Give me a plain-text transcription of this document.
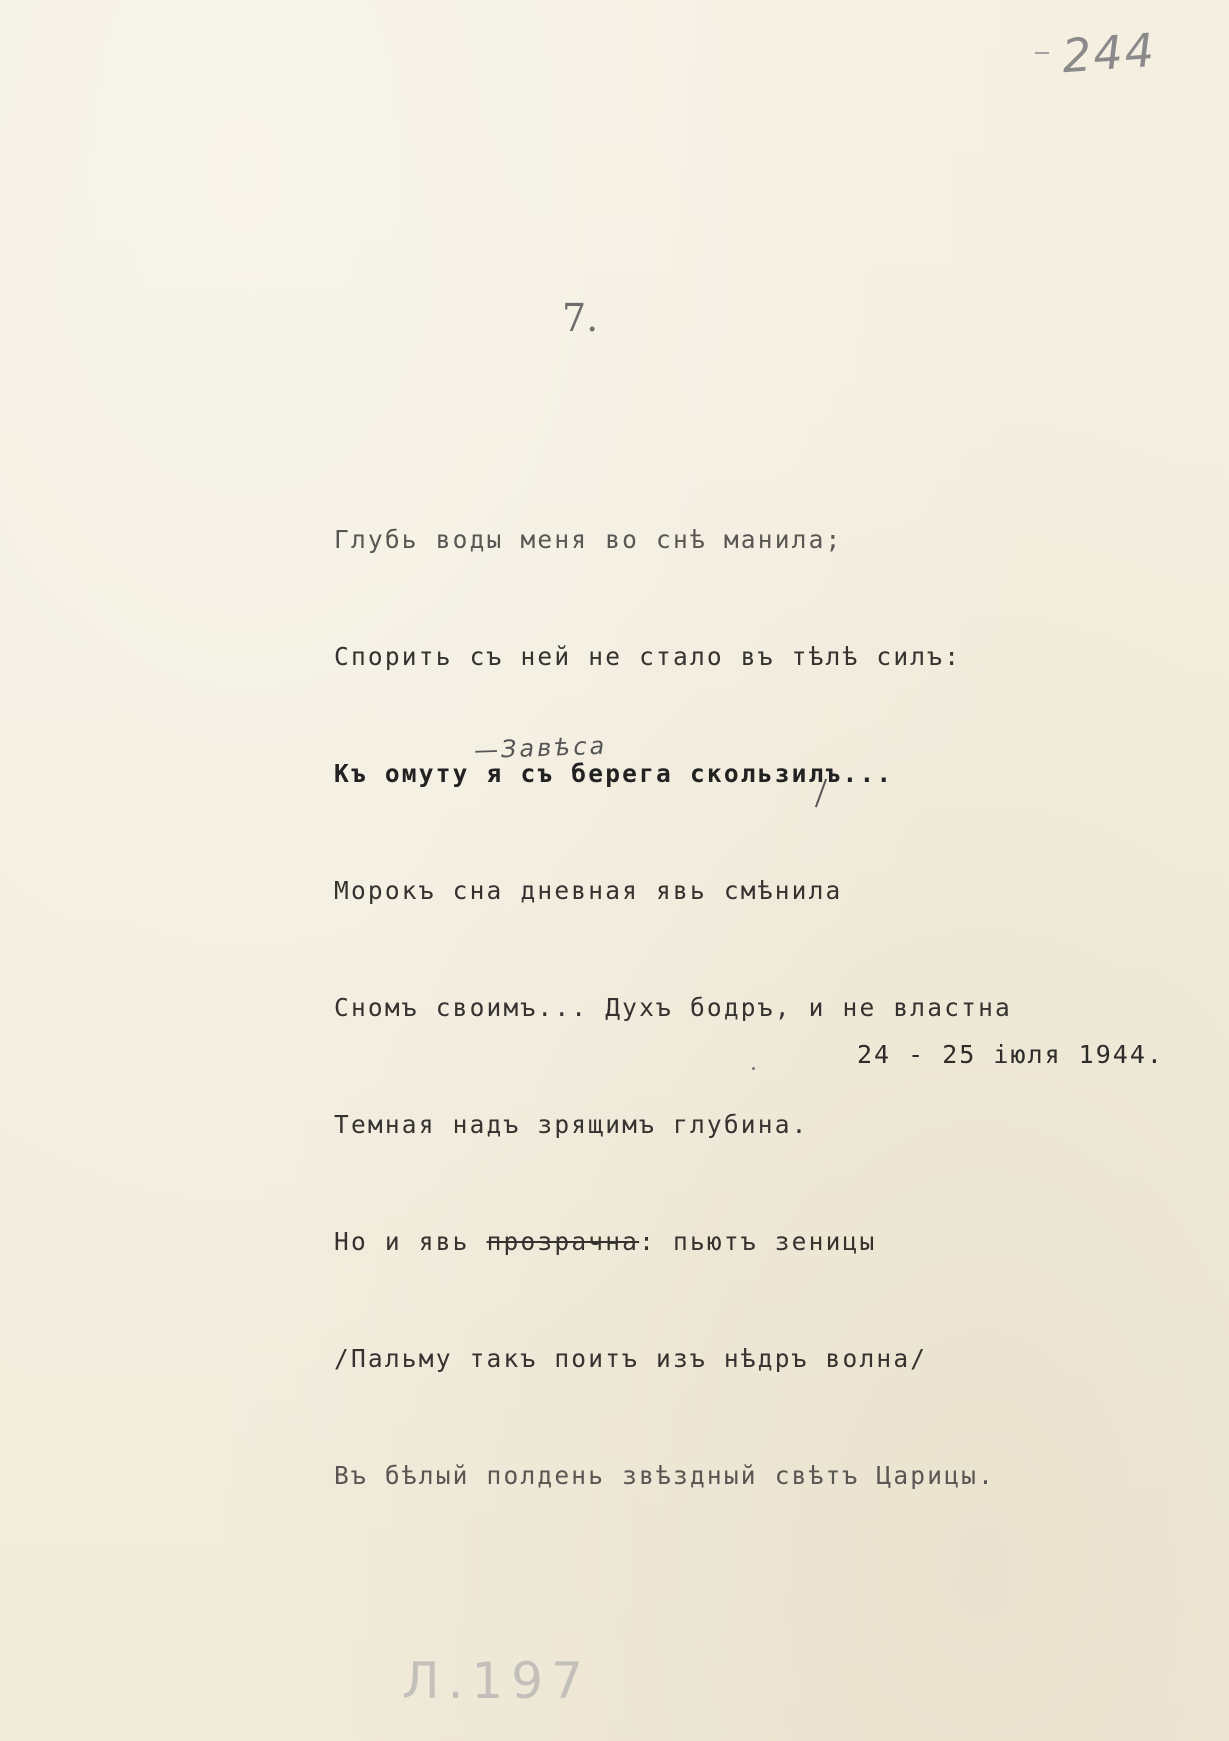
244
7.

Глубь воды меня во снѣ манила;

Спорить съ ней не стало въ тѣлѣ силъ:

Къ омуту я съ берега скользилъ...

Морокъ сна дневная явь смѣнила

Сномъ своимъ... Духъ бодръ, и не властна

Темная надъ зрящимъ глубина.

Но и явь прозрачна: пьютъ зеницы

/Пальму такъ поитъ изъ нѣдръ волна/

Въ бѣлый полдень звѣздный свѣтъ Царицы.

—Завѣса
24 - 25 іюля 1944.
Л.197
